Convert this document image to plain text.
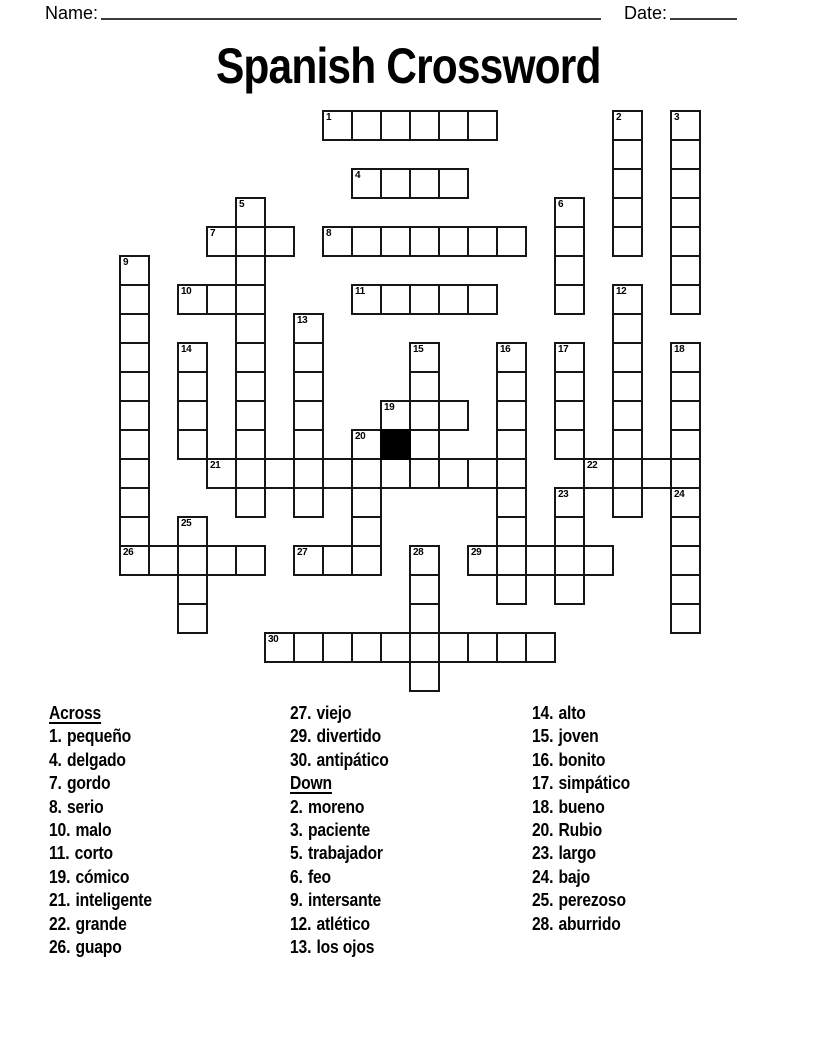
Name:	Date:
Spanish Crossword
1	2	3
4
5	6
7	8
9
10	11	12
13
14	15	16	17	18
19
20
21	22
23	24
25
26	27	28	29
30
Across
1. pequeño
4. delgado
7. gordo
8. serio
10. malo
11. corto
19. cómico
21. inteligente
22. grande
26. guapo
27. viejo
29. divertido
30. antipático
Down
2. moreno
3. paciente
5. trabajador
6. feo
9. intersante
12. atlético
13. los ojos
14. alto
15. joven
16. bonito
17. simpático
18. bueno
20. Rubio
23. largo
24. bajo
25. perezoso
28. aburrido
